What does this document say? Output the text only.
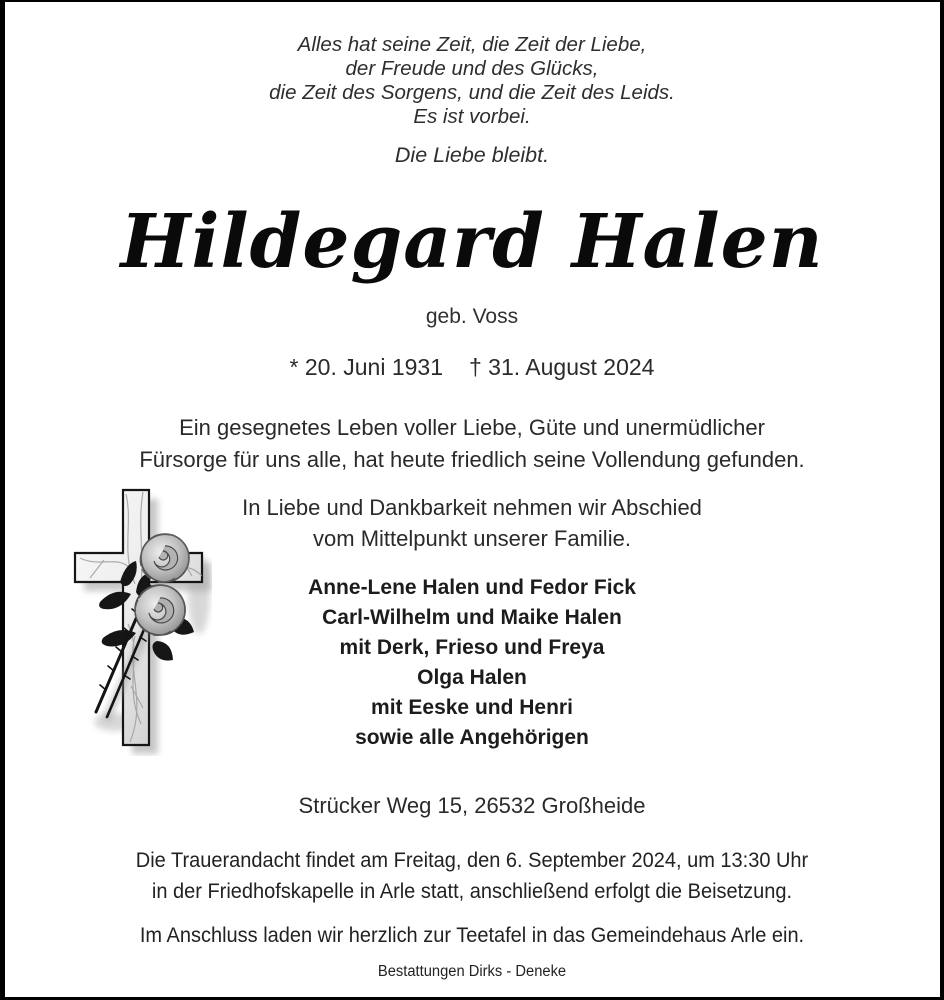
Alles hat seine Zeit, die Zeit der Liebe,
der Freude und des Glücks,
die Zeit des Sorgens, und die Zeit des Leids.
Es ist vorbei.
Die Liebe bleibt.
Hildegard Halen
geb. Voss
* 20. Juni 1931 † 31. August 2024
Ein gesegnetes Leben voller Liebe, Güte und unermüdlicher
Fürsorge für uns alle, hat heute friedlich seine Vollendung gefunden.
In Liebe und Dankbarkeit nehmen wir Abschied
vom Mittelpunkt unserer Familie.
Anne-Lene Halen und Fedor Fick
Carl-Wilhelm und Maike Halen
mit Derk, Frieso und Freya
Olga Halen
mit Eeske und Henri
sowie alle Angehörigen
Strücker Weg 15, 26532 Großheide
Die Trauerandacht findet am Freitag, den 6. September 2024, um 13:30 Uhr
in der Friedhofskapelle in Arle statt, anschließend erfolgt die Beisetzung.
Im Anschluss laden wir herzlich zur Teetafel in das Gemeindehaus Arle ein.
Bestattungen Dirks - Deneke
